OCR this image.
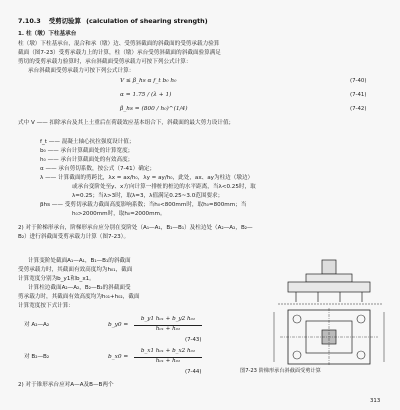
7.10.3 受剪切验算 (calculation of shearing strength)
1. 柱（墩）下柱基承台
柱（墩）下柱基承台，混合和承（墩）边、受剪斜截面的斜截面的受剪承载力验算
截面（图7-23）受剪承载力上的计算，柱（墩）承台受剪斜截面的斜截面验算满足
剪切的受剪承载力验算时，承台斜截面受剪承载力可按下列公式计算：
承台斜截面受剪承载力可按下列公式计算：
V ≤ β_hs α f_t b₀ h₀	(7-40)
α = 1.75 / (λ + 1)	(7-41)
β_hs = (800 / h₀)^(1/4)	(7-42)
式中 V —— 扣除承台及其上土重后在荷载效应基本组合下，斜截面的最大剪力设计值；
f_t —— 混凝土轴心抗拉强度设计值；
b₀ —— 承台计算截面处的计算宽度；
h₀ —— 承台计算截面处的有效高度；
α —— 承台剪切系数，按公式（7-41）确定；
λ —— 计算截面的剪跨比，λx = ax/h₀，λy = ay/h₀，此处，ax、ay为柱边（墩边）
或承台变阶处至y、x方向计算一排桩的桩边的水平距离，当λ<0.25时，取
λ=0.25；当λ>3时，取λ=3，λ值满足0.25~3.0范围要求；
βhs —— 受剪切承载力截面高度影响系数；当h₀<800mm时，取h₀=800mm；当
h₀>2000mm时，取h₀=2000mm。
2) 对于阶梯形承台，阶梯形承台应分别在变阶处（A₁—A₁，B₁—B₁）及柱边处（A₂—A₂，B₂—
B₂）进行斜截面受剪承载力计算（图7-23）。
计算变阶处截面A₁—A₁，B₁—B₁的斜截面
受剪承载力时，其截面有效高度均为h₀₁，截面
计算宽度分别为b_y1和b_x1。
计算柱边截面A₂—A₂，B₂—B₂的斜截面受
剪承载力时，其截面有效高度均为h₀₁+h₀₂，截面
计算宽度按下式计算：
对 A₂—A₂	b_y0 =
b_y1 h₀₁ + b_y2 h₀₂
h₀₁ + h₀₂
(7-43)
对 B₂—B₂	b_x0 =
b_x1 h₀₁ + b_x2 h₀₂
h₀₁ + h₀₂
(7-44)
2) 对于锥形承台应对A—A及B—B两个
图7-23 阶梯形承台斜截面受剪计算
313
